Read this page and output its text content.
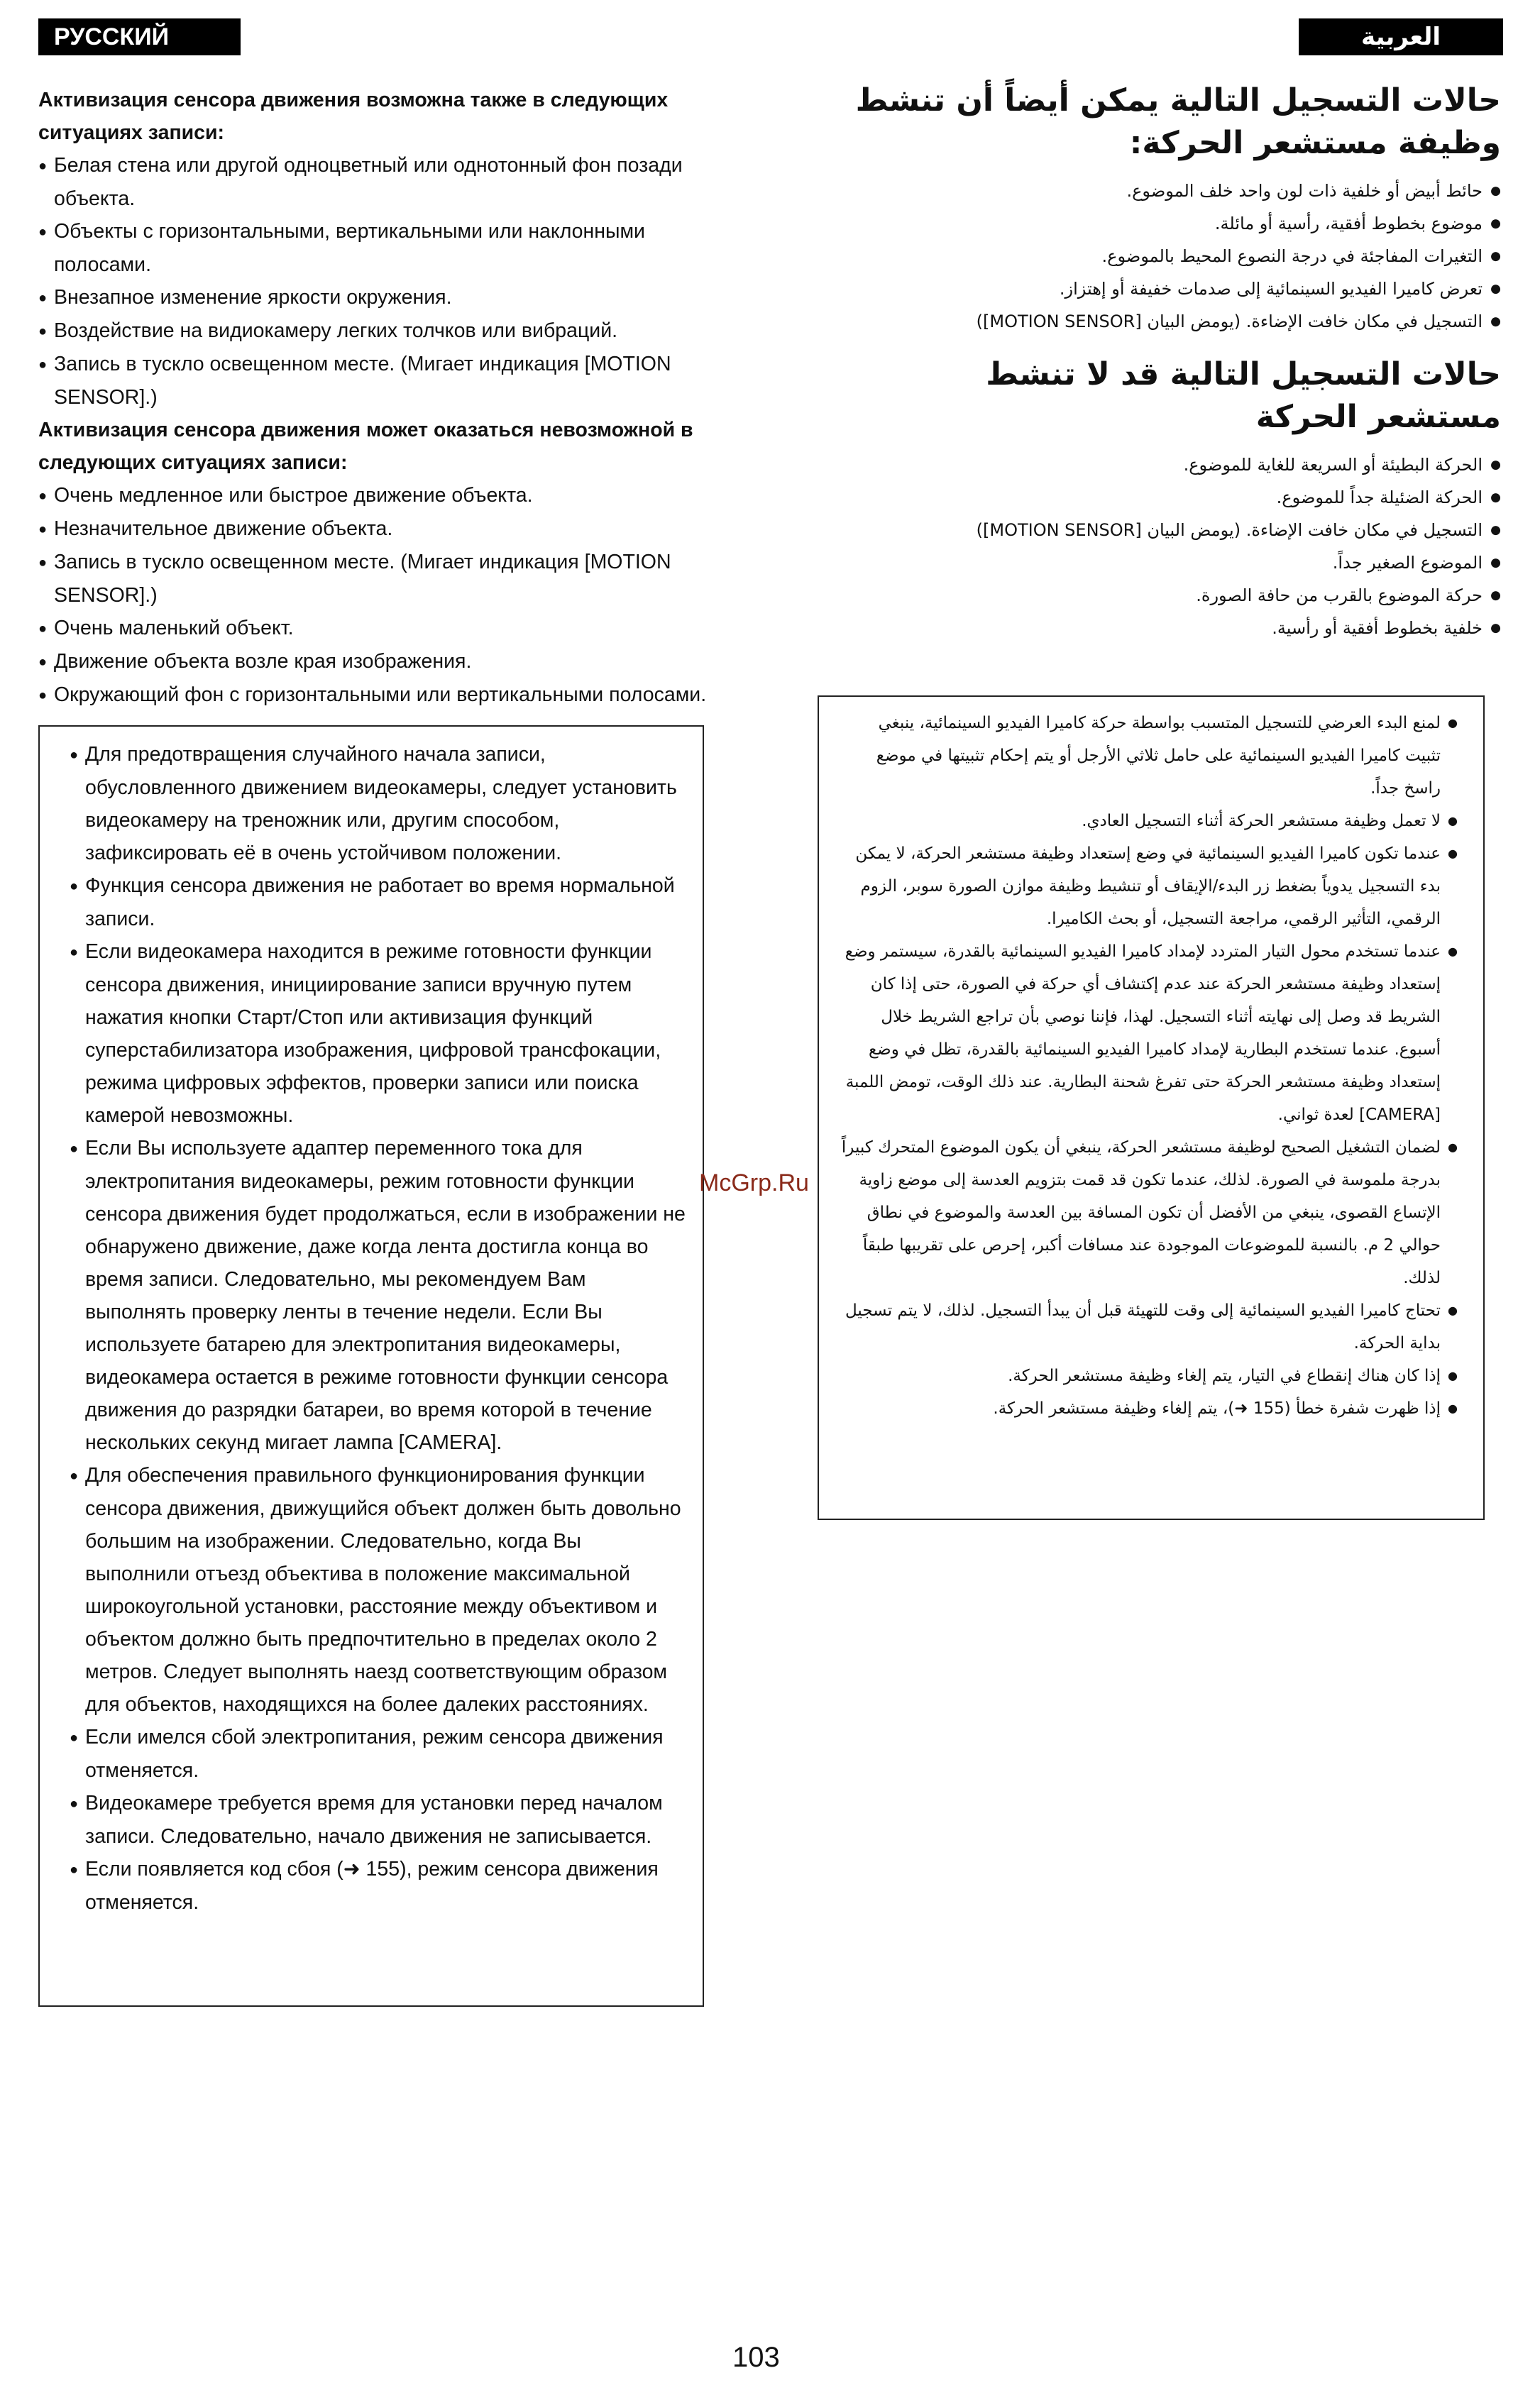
РУССКИЙ ЯЗЫК
العربية
Активизация сенсора движения возможна также в следующих ситуациях записи:
● Белая стена или другой одноцветный или однотонный фон позади объекта.
● Объекты с горизонтальными, вертикальными или наклонными полосами.
● Внезапное изменение яркости окружения.
● Воздействие на видиокамеру легких толчков или вибраций.
● Запись в тускло освещенном месте. (Мигает индикация [MOTION SENSOR].)
Активизация сенсора движения может оказаться невозможной в следующих ситуациях записи:
● Очень медленное или быстрое движение объекта.
● Незначительное движение объекта.
● Запись в тускло освещенном месте. (Мигает индикация [MOTION SENSOR].)
● Очень маленький объект.
● Движение объекта возле края изображения.
● Окружающий фон с горизонтальными или вертикальными полосами.
● Для предотвращения случайного начала записи, обусловленного движением видеокамеры, следует установить видеокамеру на треножник или, другим способом, зафиксировать её в очень устойчивом положении.
● Функция сенсора движения не работает во время нормальной записи.
● Если видеокамера находится в режиме готовности функции сенсора движения, инициирование записи вручную путем нажатия кнопки Старт/Стоп или активизация функций суперстабилизатора изображения, цифровой трансфокации, режима цифровых эффектов, проверки записи или поиска камерой невозможны.
● Если Вы используете адаптер переменного тока для электропитания видеокамеры, режим готовности функции сенсора движения будет продолжаться, если в изображении не обнаружено движение, даже когда лента достигла конца во время записи. Следовательно, мы рекомендуем Вам выполнять проверку ленты в течение недели. Если Вы используете батарею для электропитания видеокамеры, видеокамера остается в режиме готовности функции сенсора движения до разрядки батареи, во время которой в течение нескольких секунд мигает лампа [CAMERA].
● Для обеспечения правильного функционирования функции сенсора движения, движущийся объект должен быть довольно большим на изображении. Следовательно, когда Вы выполнили отъезд объектива в положение максимальной широкоугольной установки, расстояние между объективом и объектом должно быть предпочтительно в пределах около 2 метров. Следует выполнять наезд соответствующим образом для объектов, находящихся на более далеких расстояниях.
● Если имелся сбой электропитания, режим сенсора движения отменяется.
● Видеокамере требуется время для установки перед началом записи. Следовательно, начало движения не записывается.
● Если появляется код сбоя (➜ 155), режим сенсора движения отменяется.
حالات التسجيل التالية يمكن أيضاً أن تنشط وظيفة مستشعر الحركة:
● حائط أبيض أو خلفية ذات لون واحد خلف الموضوع.
● موضوع بخطوط أفقية، رأسية أو مائلة.
● التغيرات المفاجئة في درجة النصوع المحيط بالموضوع.
● تعرض كاميرا الفيديو السينمائية إلى صدمات خفيفة أو إهتزاز.
● التسجيل في مكان خافت الإضاءة. (يومض البيان [MOTION SENSOR])
حالات التسجيل التالية قد لا تنشط مستشعر الحركة
● الحركة البطيئة أو السريعة للغاية للموضوع.
● الحركة الضئيلة جداً للموضوع.
● التسجيل في مكان خافت الإضاءة. (يومض البيان [MOTION SENSOR])
● الموضوع الصغير جداً.
● حركة الموضوع بالقرب من حافة الصورة.
● خلفية بخطوط أفقية أو رأسية.
● لمنع البدء العرضي للتسجيل المتسبب بواسطة حركة كاميرا الفيديو السينمائية، ينبغي تثبيت كاميرا الفيديو السينمائية على حامل ثلاثي الأرجل أو يتم إحكام تثبيتها في موضع راسخ جداً.
● لا تعمل وظيفة مستشعر الحركة أثناء التسجيل العادي.
● عندما تكون كاميرا الفيديو السينمائية في وضع إستعداد وظيفة مستشعر الحركة، لا يمكن بدء التسجيل يدوياً بضغط زر البدء/الإيقاف أو تنشيط وظيفة موازن الصورة سوبر، الزوم الرقمي، التأثير الرقمي، مراجعة التسجيل، أو بحث الكاميرا.
● عندما تستخدم محول التيار المتردد لإمداد كاميرا الفيديو السينمائية بالقدرة، سيستمر وضع إستعداد وظيفة مستشعر الحركة عند عدم إكتشاف أي حركة في الصورة، حتى إذا كان الشريط قد وصل إلى نهايته أثناء التسجيل. لهذا، فإننا نوصي بأن تراجع الشريط خلال أسبوع. عندما تستخدم البطارية لإمداد كاميرا الفيديو السينمائية بالقدرة، تظل في وضع إستعداد وظيفة مستشعر الحركة حتى تفرغ شحنة البطارية. عند ذلك الوقت، تومض اللمبة [CAMERA] لعدة ثواني.
● لضمان التشغيل الصحيح لوظيفة مستشعر الحركة، ينبغي أن يكون الموضوع المتحرك كبيراً بدرجة ملموسة في الصورة. لذلك، عندما تكون قد قمت بتزويم العدسة إلى موضع زاوية الإتساع القصوى، ينبغي من الأفضل أن تكون المسافة بين العدسة والموضوع في نطاق حوالي 2 م. بالنسبة للموضوعات الموجودة عند مسافات أكبر، إحرص على تقريبها طبقاً لذلك.
● تحتاج كاميرا الفيديو السينمائية إلى وقت للتهيئة قبل أن يبدأ التسجيل. لذلك، لا يتم تسجيل بداية الحركة.
● إذا كان هناك إنقطاع في التيار، يتم إلغاء وظيفة مستشعر الحركة.
● إذا ظهرت شفرة خطأ (155 ➜)، يتم إلغاء وظيفة مستشعر الحركة.
McGrp.Ru
103
